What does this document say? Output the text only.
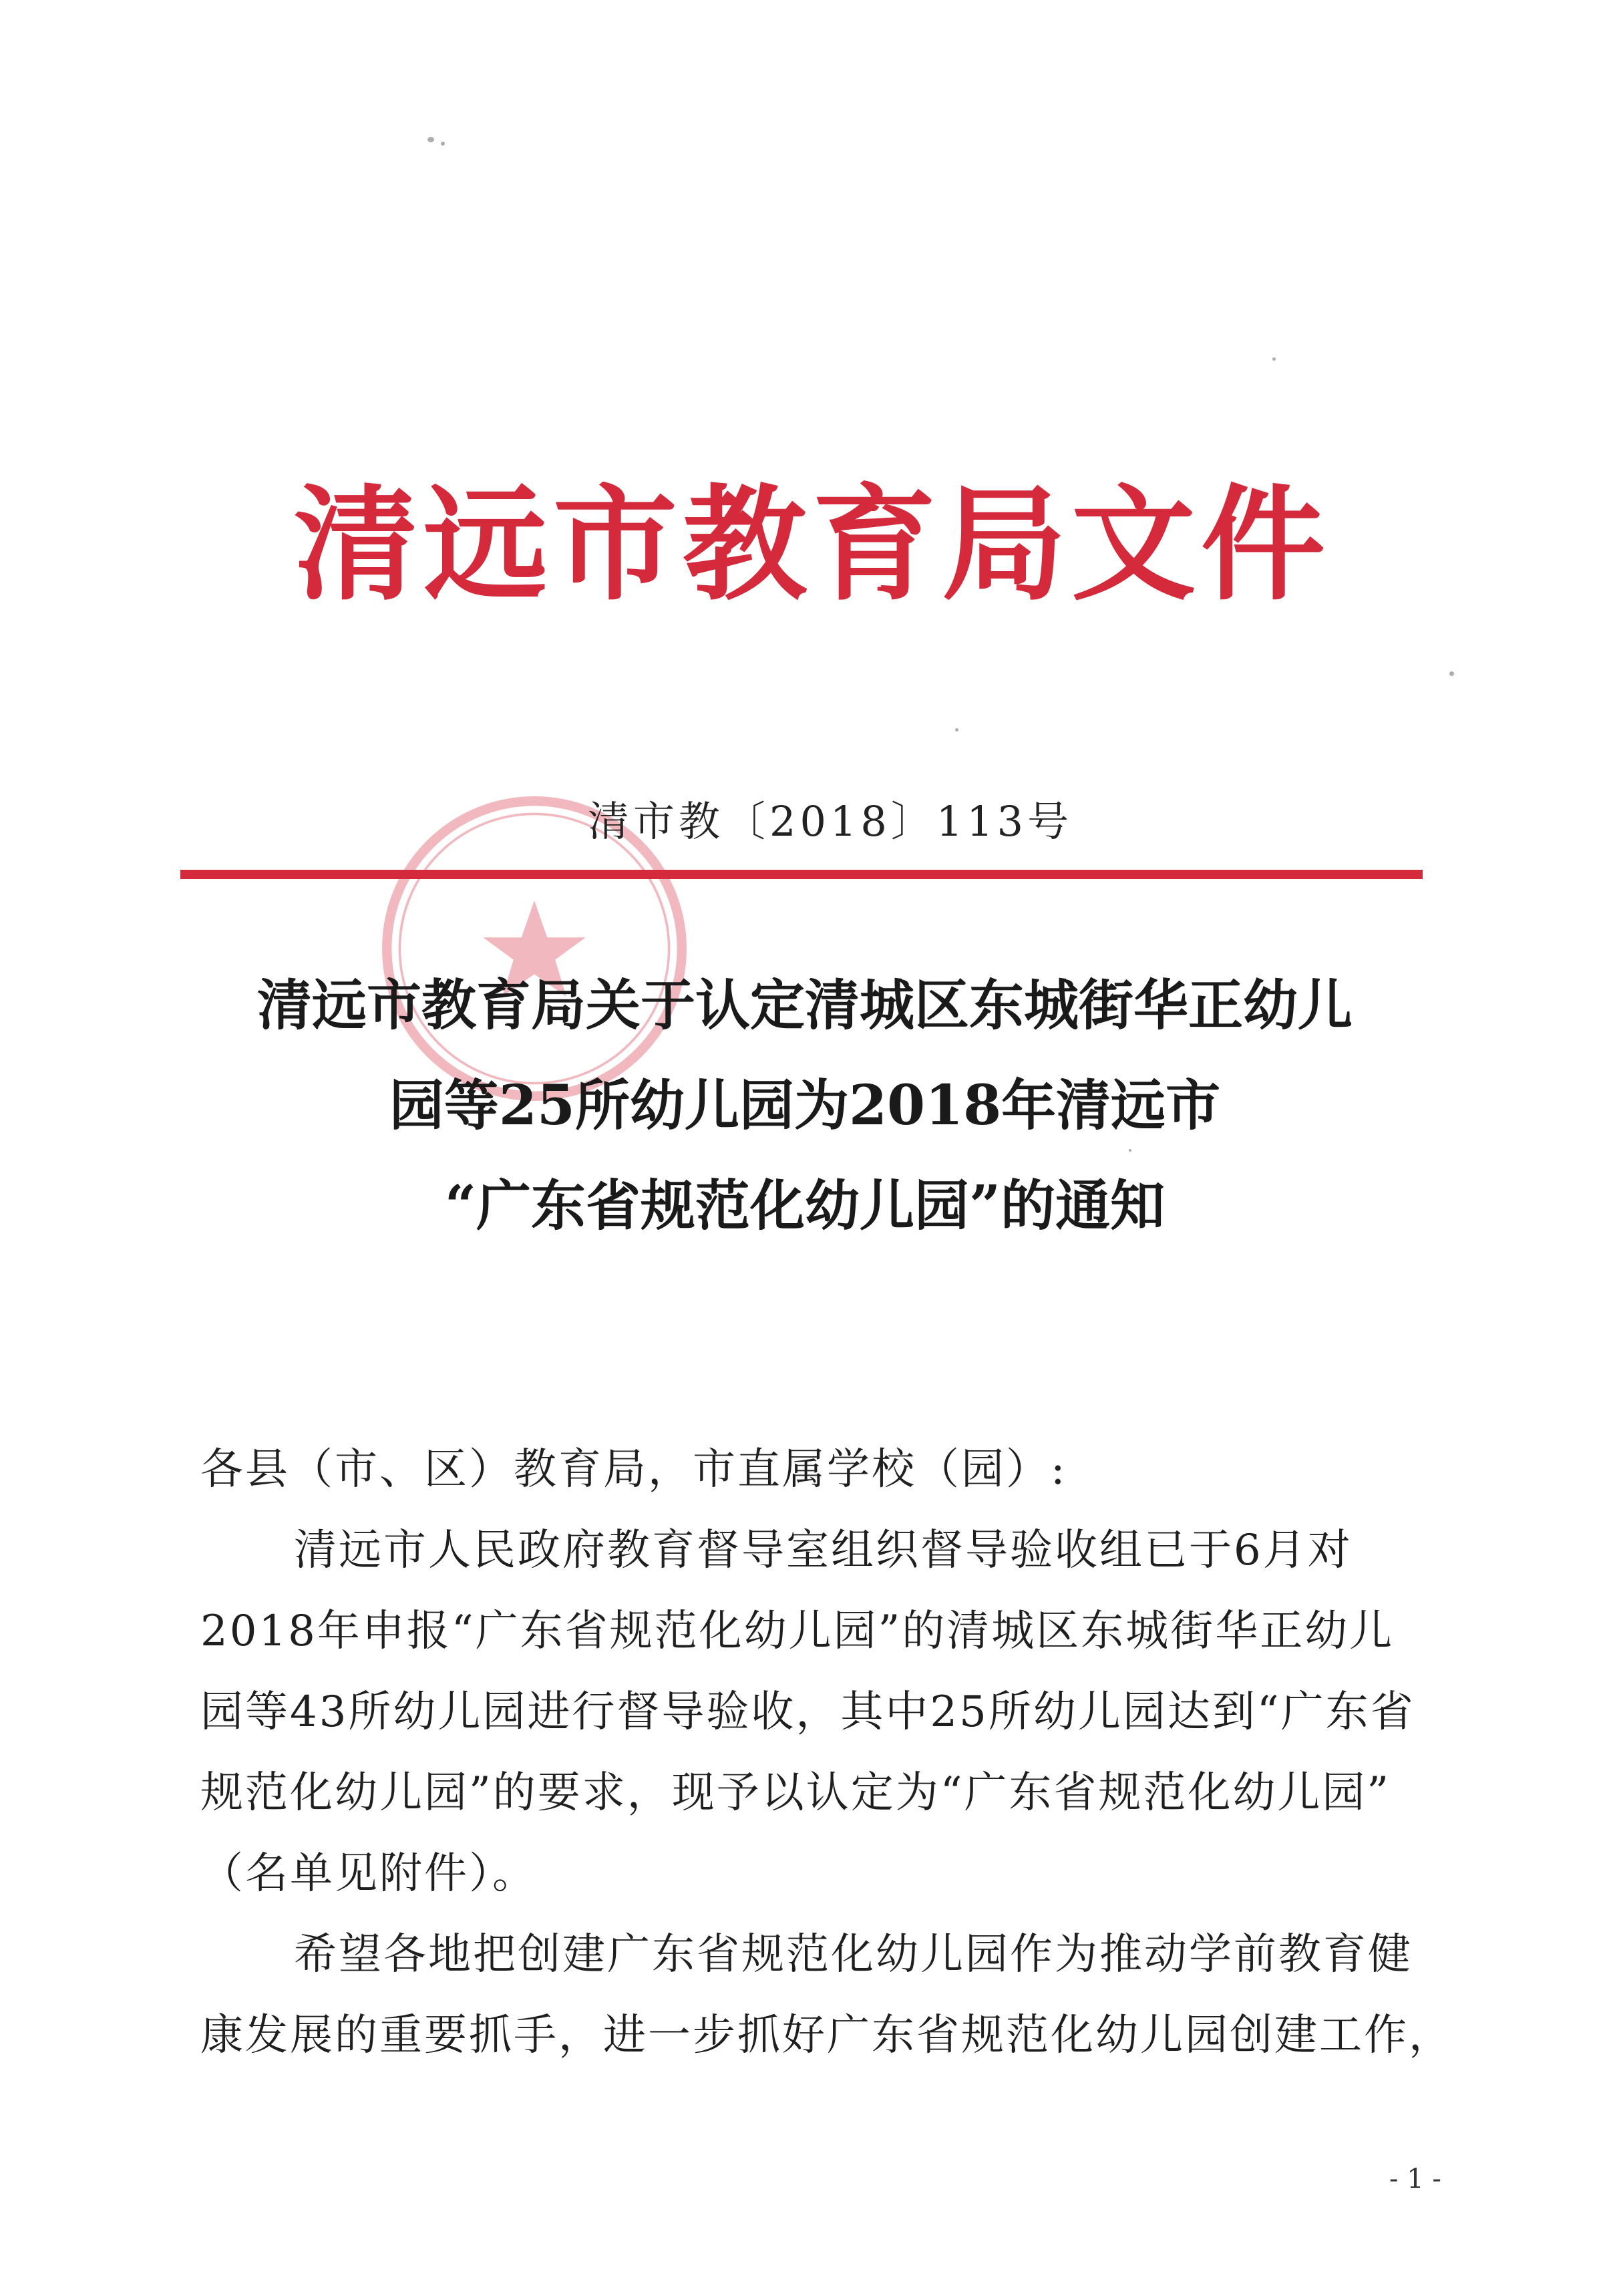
清远市教育局文件
清市教〔2018〕113号
清远市教育局关于认定清城区东城街华正幼儿
园等25所幼儿园为2018年清远市
“广东省规范化幼儿园”的通知
各县（市、区）教育局，市直属学校（园）:
清远市人民政府教育督导室组织督导验收组已于6月对
2018年申报“广东省规范化幼儿园”的清城区东城街华正幼儿
园等43所幼儿园进行督导验收，其中25所幼儿园达到“广东省
规范化幼儿园”的要求，现予以认定为“广东省规范化幼儿园”
（名单见附件）。
希望各地把创建广东省规范化幼儿园作为推动学前教育健
康发展的重要抓手，进一步抓好广东省规范化幼儿园创建工作，
- 1 -
